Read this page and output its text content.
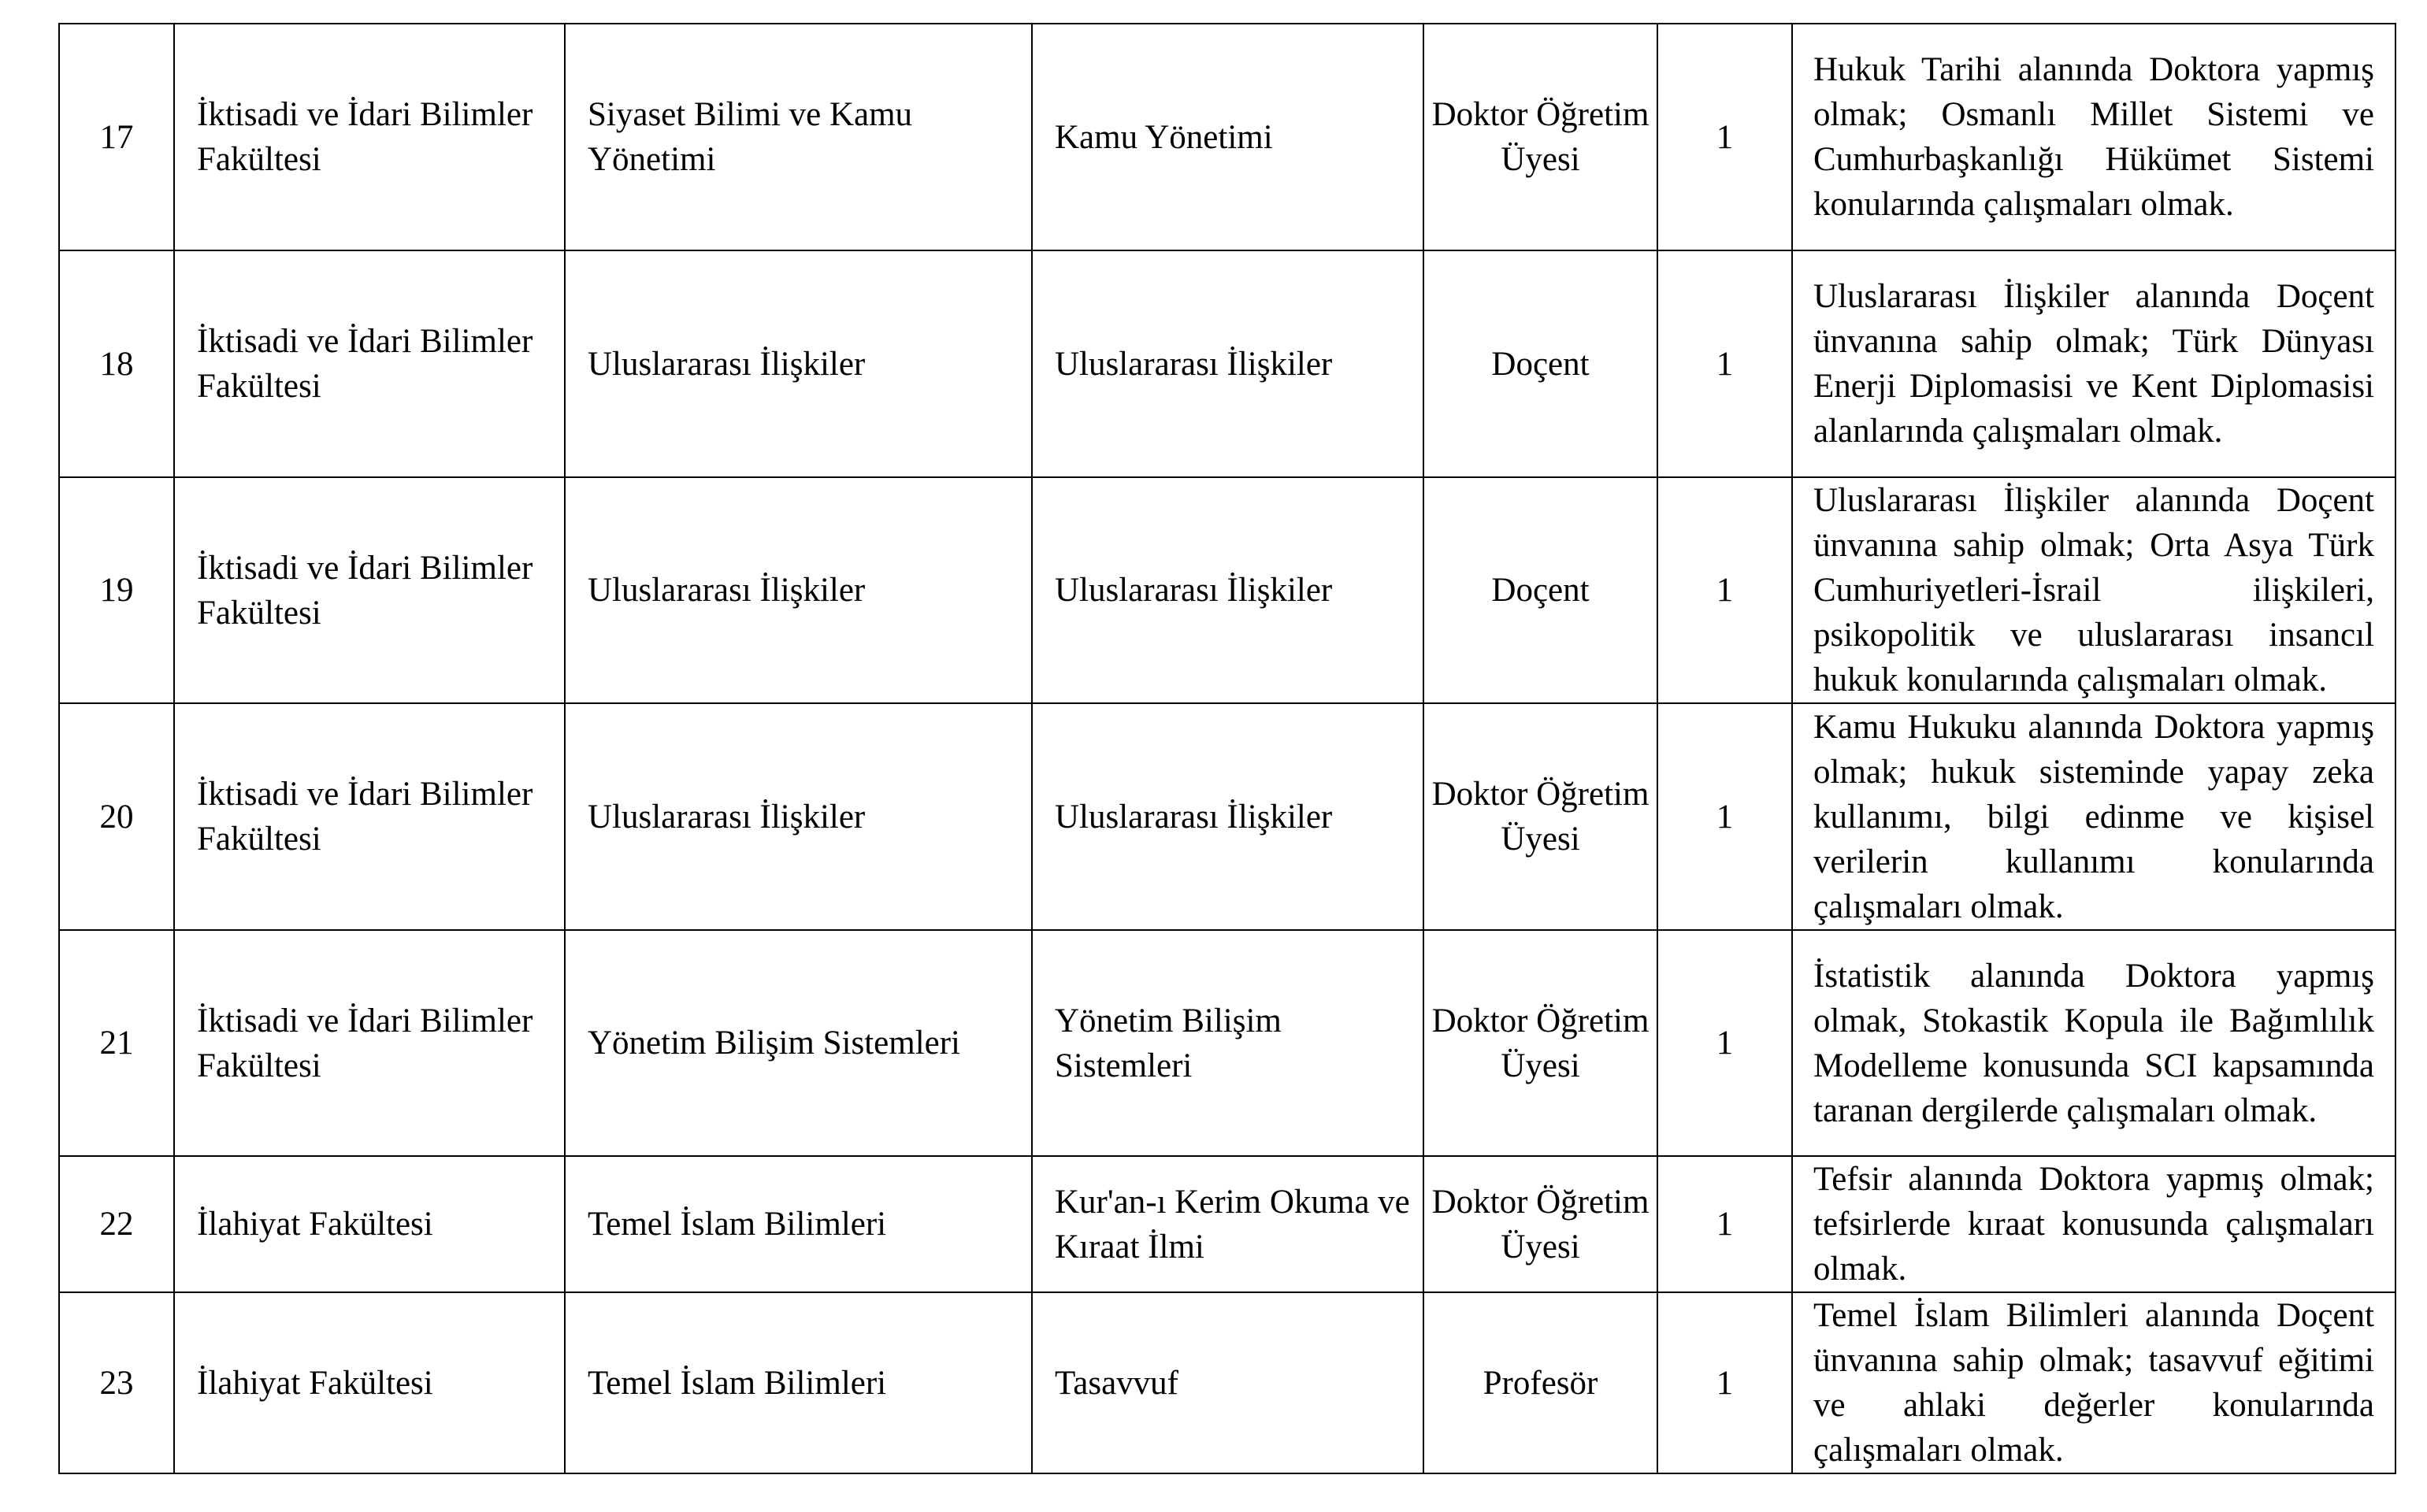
17	İktisadi ve İdari Bilimler Fakültesi	Siyaset Bilimi ve Kamu Yönetimi	Kamu Yönetimi	Doktor Öğretim Üyesi	1	Hukuk Tarihi alanında Doktora yapmış olmak; Osmanlı Millet Sistemi ve Cumhurbaşkanlığı Hükümet Sistemi konularında çalışmaları olmak.
18	İktisadi ve İdari Bilimler Fakültesi	Uluslararası İlişkiler	Uluslararası İlişkiler	Doçent	1	Uluslararası İlişkiler alanında Doçent ünvanına sahip olmak; Türk Dünyası Enerji Diplomasisi ve Kent Diplomasisi alanlarında çalışmaları olmak.
19	İktisadi ve İdari Bilimler Fakültesi	Uluslararası İlişkiler	Uluslararası İlişkiler	Doçent	1	Uluslararası İlişkiler alanında Doçent ünvanına sahip olmak; Orta Asya Türk Cumhuriyetleri-İsrail ilişkileri, psikopolitik ve uluslararası insancıl hukuk konularında çalışmaları olmak.
20	İktisadi ve İdari Bilimler Fakültesi	Uluslararası İlişkiler	Uluslararası İlişkiler	Doktor Öğretim Üyesi	1	Kamu Hukuku alanında Doktora yapmış olmak; hukuk sisteminde yapay zeka kullanımı, bilgi edinme ve kişisel verilerin kullanımı konularında çalışmaları olmak.
21	İktisadi ve İdari Bilimler Fakültesi	Yönetim Bilişim Sistemleri	Yönetim Bilişim Sistemleri	Doktor Öğretim Üyesi	1	İstatistik alanında Doktora yapmış olmak, Stokastik Kopula ile Bağımlılık Modelleme konusunda SCI kapsamında taranan dergilerde çalışmaları olmak.
22	İlahiyat Fakültesi	Temel İslam Bilimleri	Kur'an-ı Kerim Okuma ve Kıraat İlmi	Doktor Öğretim Üyesi	1	Tefsir alanında Doktora yapmış olmak; tefsirlerde kıraat konusunda çalışmaları olmak.
23	İlahiyat Fakültesi	Temel İslam Bilimleri	Tasavvuf	Profesör	1	Temel İslam Bilimleri alanında Doçent ünvanına sahip olmak; tasavvuf eğitimi ve ahlaki değerler konularında çalışmaları olmak.
